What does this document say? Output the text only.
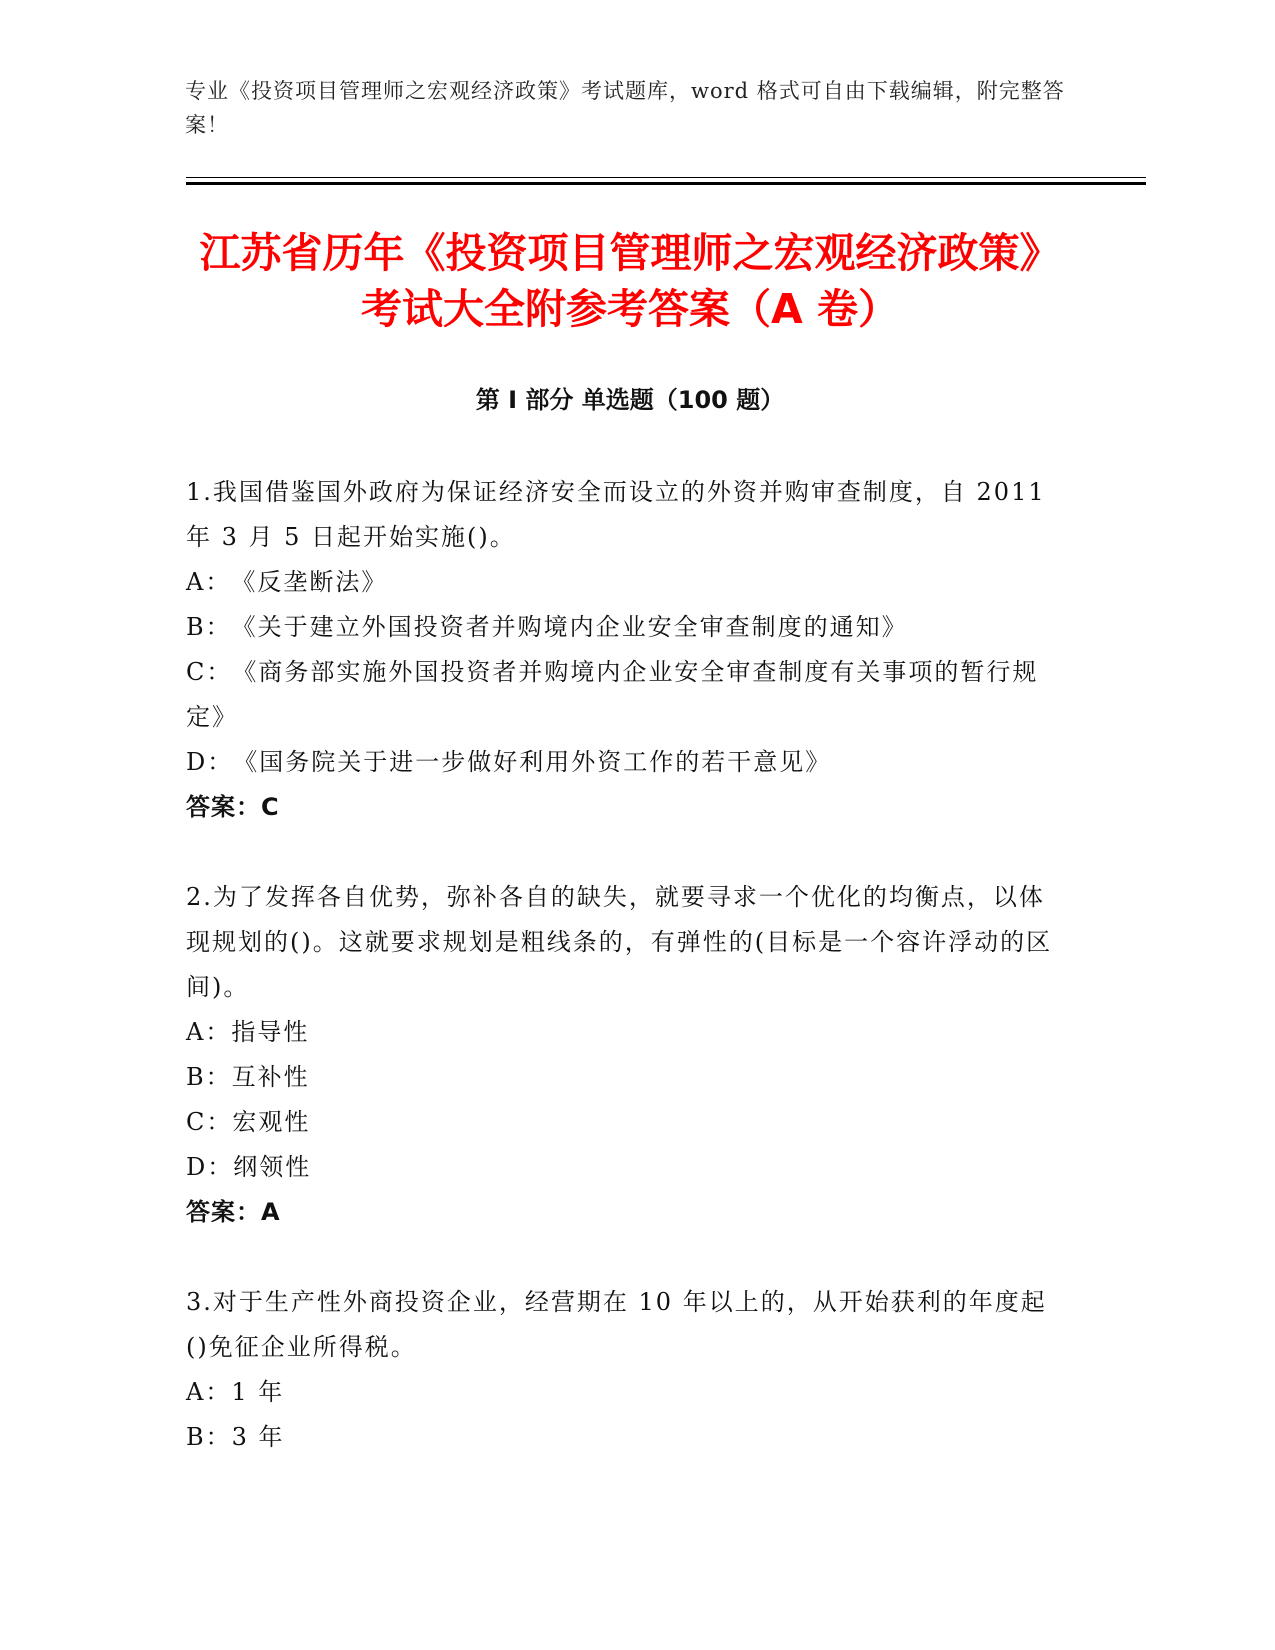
专业《投资项目管理师之宏观经济政策》考试题库，word 格式可自由下载编辑，附完整答案！
江苏省历年《投资项目管理师之宏观经济政策》考试大全附参考答案（A 卷）
第 I 部分 单选题（100 题）

1.我国借鉴国外政府为保证经济安全而设立的外资并购审查制度，自 2011 年 3 月 5 日起开始实施()。

A：《反垄断法》

B：《关于建立外国投资者并购境内企业安全审查制度的通知》

C：《商务部实施外国投资者并购境内企业安全审查制度有关事项的暂行规定》

D：《国务院关于进一步做好利用外资工作的若干意见》

答案：C

2.为了发挥各自优势，弥补各自的缺失，就要寻求一个优化的均衡点，以体现规划的()。这就要求规划是粗线条的，有弹性的(目标是一个容许浮动的区间)。

A：指导性

B：互补性

C：宏观性

D：纲领性

答案：A

3.对于生产性外商投资企业，经营期在 10 年以上的，从开始获利的年度起()免征企业所得税。

A：1 年

B：3 年
